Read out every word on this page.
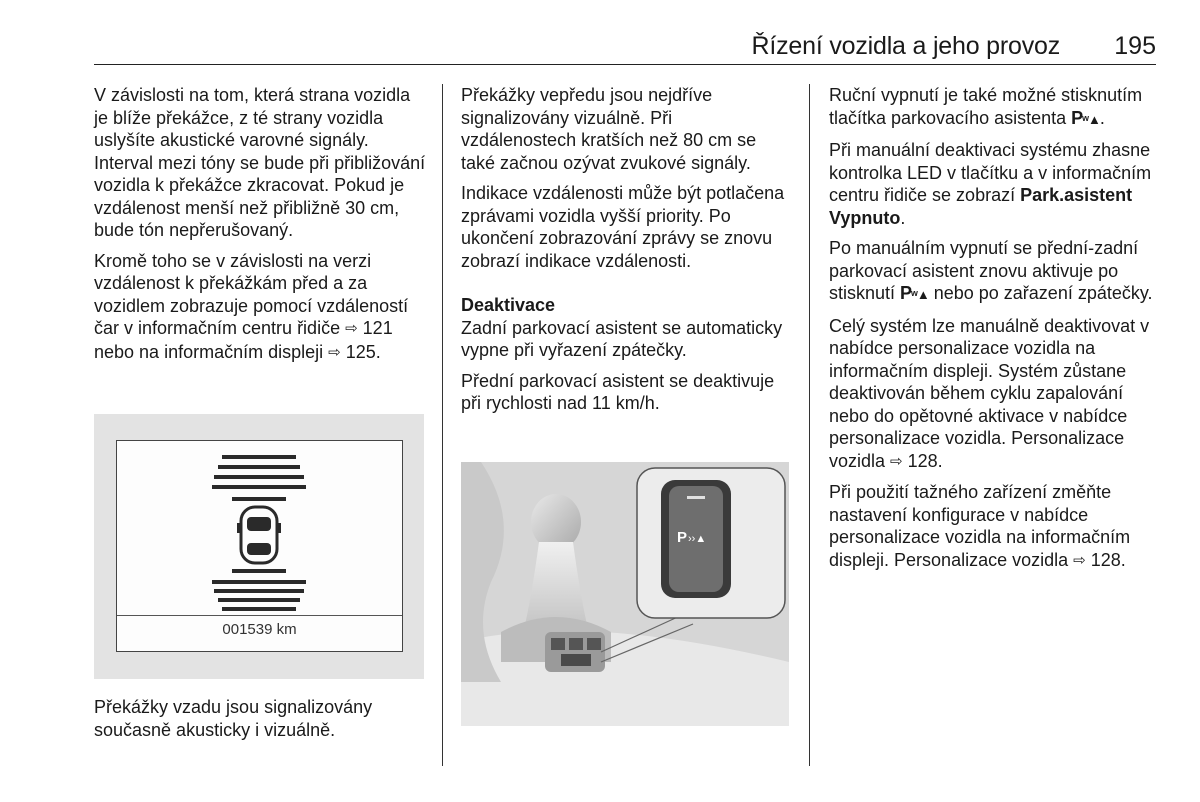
Řízení vozidla a jeho provoz 195

V závislosti na tom, která strana vozidla je blíže překážce, z té strany vozidla uslyšíte akustické varovné signály. Interval mezi tóny se bude při přibližování vozidla k překážce zkracovat. Pokud je vzdálenost menší než přibližně 30 cm, bude tón nepřerušovaný.

Kromě toho se v závislosti na verzi vzdálenost k překážkám před a za vozidlem zobrazuje pomocí vzdáleností čar v informačním centru řidiče ⇨ 121 nebo na informačním displeji ⇨ 125.

001539 km
Překážky vzadu jsou signalizovány současně akusticky i vizuálně.

Překážky vepředu jsou nejdříve signalizovány vizuálně. Při vzdálenostech kratších než 80 cm se také začnou ozývat zvukové signály.

Indikace vzdálenosti může být potlačena zprávami vozidla vyšší priority. Po ukončení zobrazování zprávy se znovu zobrazí indikace vzdálenosti.

Deaktivace

Zadní parkovací asistent se automaticky vypne při vyřazení zpátečky.

Přední parkovací asistent se deaktivuje při rychlosti nad 11 km/h.

P ››▲

Ruční vypnutí je také možné stisknutím tlačítka parkovacího asistenta Pʷ▲.

Při manuální deaktivaci systému zhasne kontrolka LED v tlačítku a v informačním centru řidiče se zobrazí Park.asistent Vypnuto.

Po manuálním vypnutí se přední-zadní parkovací asistent znovu aktivuje po stisknutí Pʷ▲ nebo po zařazení zpátečky.

Celý systém lze manuálně deaktivovat v nabídce personalizace vozidla na informačním displeji. Systém zůstane deaktivován během cyklu zapalování nebo do opětovné aktivace v nabídce personalizace vozidla. Personalizace vozidla ⇨ 128.

Při použití tažného zařízení změňte nastavení konfigurace v nabídce personalizace vozidla na informačním displeji. Personalizace vozidla ⇨ 128.
